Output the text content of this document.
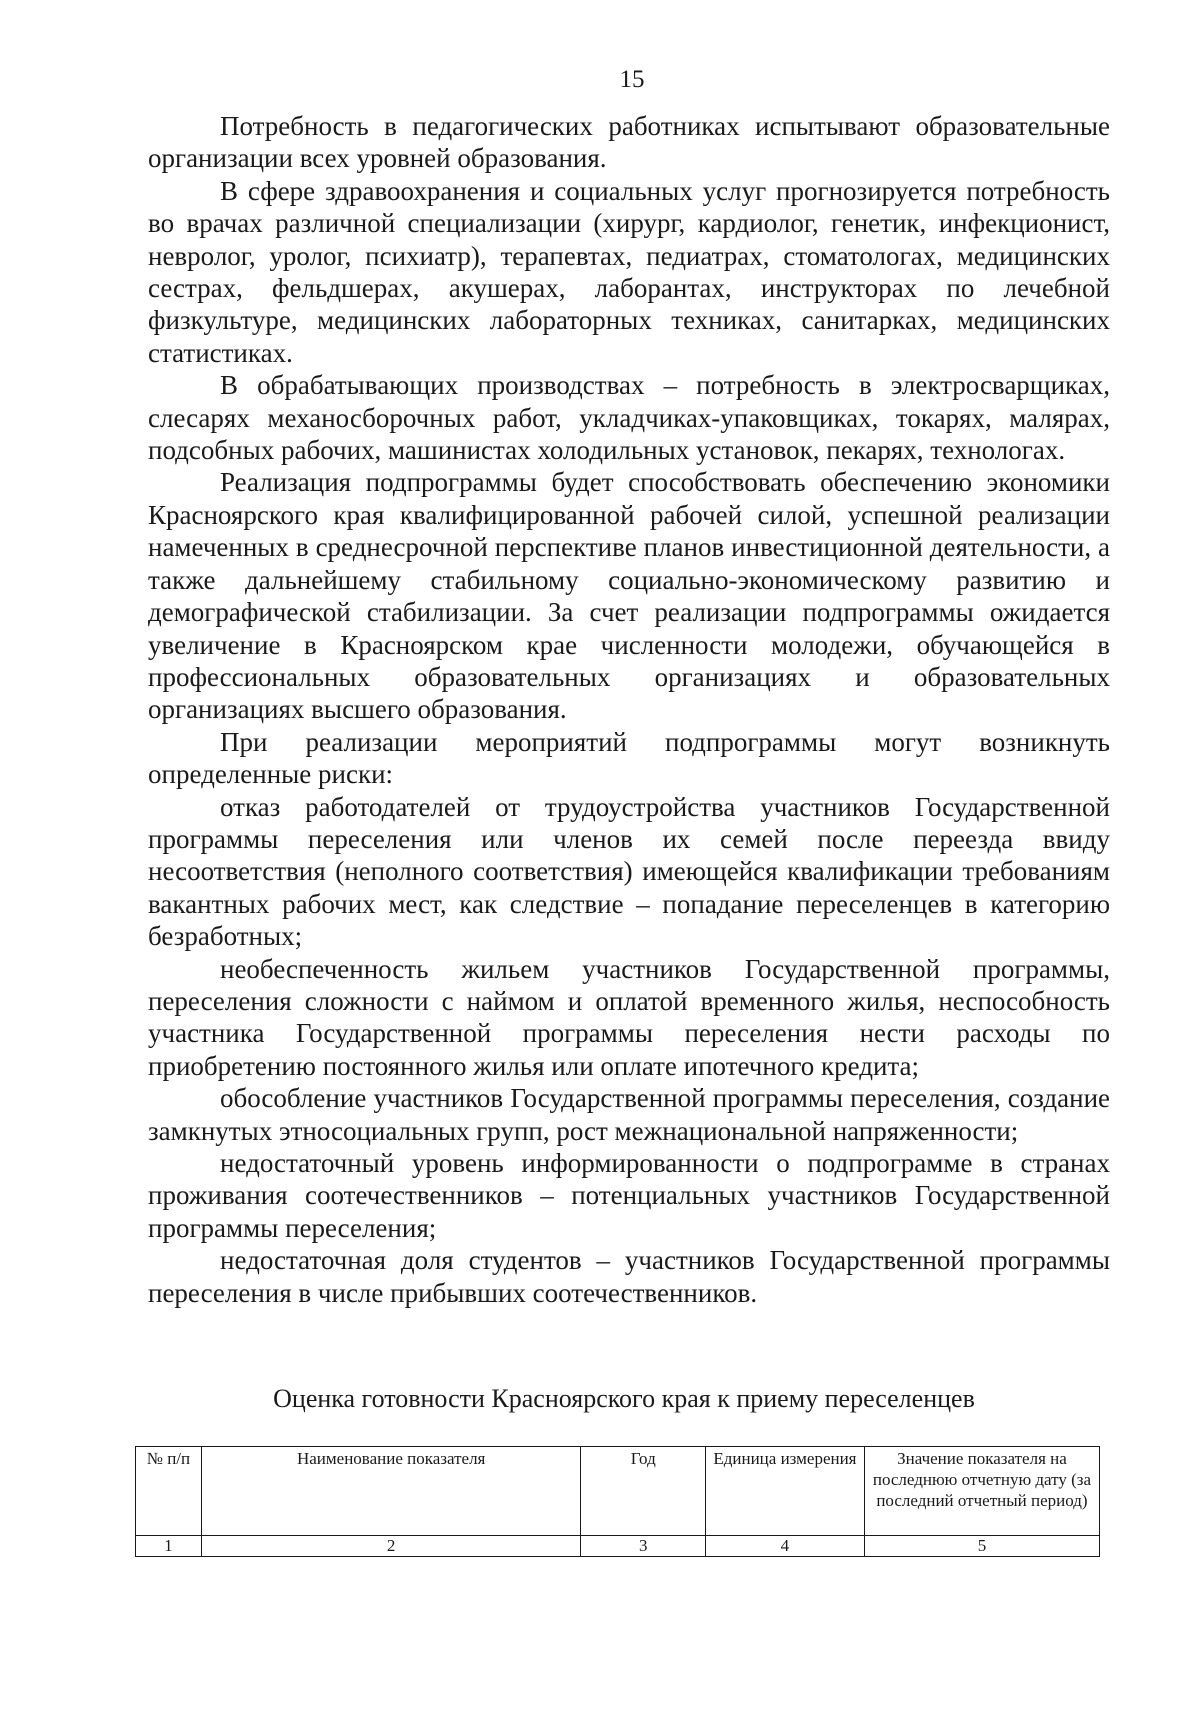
15

Потребность в педагогических работниках испытывают образовательные организации всех уровней образования.

В сфере здравоохранения и социальных услуг прогнозируется потребность во врачах различной специализации (хирург, кардиолог, генетик, инфекционист, невролог, уролог, психиатр), терапевтах, педиатрах, стоматологах, медицинских сестрах, фельдшерах, акушерах, лаборантах, инструкторах по лечебной физкультуре, медицинских лабораторных техниках, санитарках, медицинских статистиках.

В обрабатывающих производствах – потребность в электросварщиках, слесарях механосборочных работ, укладчиках-упаковщиках, токарях, малярах, подсобных рабочих, машинистах холодильных установок, пекарях, технологах.

Реализация подпрограммы будет способствовать обеспечению экономики Красноярского края квалифицированной рабочей силой, успешной реализации намеченных в среднесрочной перспективе планов инвестиционной деятельности, а также дальнейшему стабильному социально-экономическому развитию и демографической стабилизации. За счет реализации подпрограммы ожидается увеличение в Красноярском крае численности молодежи, обучающейся в профессиональных образовательных организациях и образовательных организациях высшего образования.

При реализации мероприятий подпрограммы могут возникнуть определенные риски:

отказ работодателей от трудоустройства участников Государственной программы переселения или членов их семей после переезда ввиду несоответствия (неполного соответствия) имеющейся квалификации требованиям вакантных рабочих мест, как следствие – попадание переселенцев в категорию безработных;

необеспеченность жильем участников Государственной программы, переселения сложности с наймом и оплатой временного жилья, неспособность участника Государственной программы переселения нести расходы по приобретению постоянного жилья или оплате ипотечного кредита;

обособление участников Государственной программы переселения, создание замкнутых этносоциальных групп, рост межнациональной напряженности;

недостаточный уровень информированности о подпрограмме в странах проживания соотечественников – потенциальных участников Государственной программы переселения;

недостаточная доля студентов – участников Государственной программы переселения в числе прибывших соотечественников.

Оценка готовности Красноярского края к приему переселенцев
№ п/п	Наименование показателя	Год	Единица измерения	Значение показателя на последнюю отчетную дату (за последний отчетный период)
1	2	3	4	5
